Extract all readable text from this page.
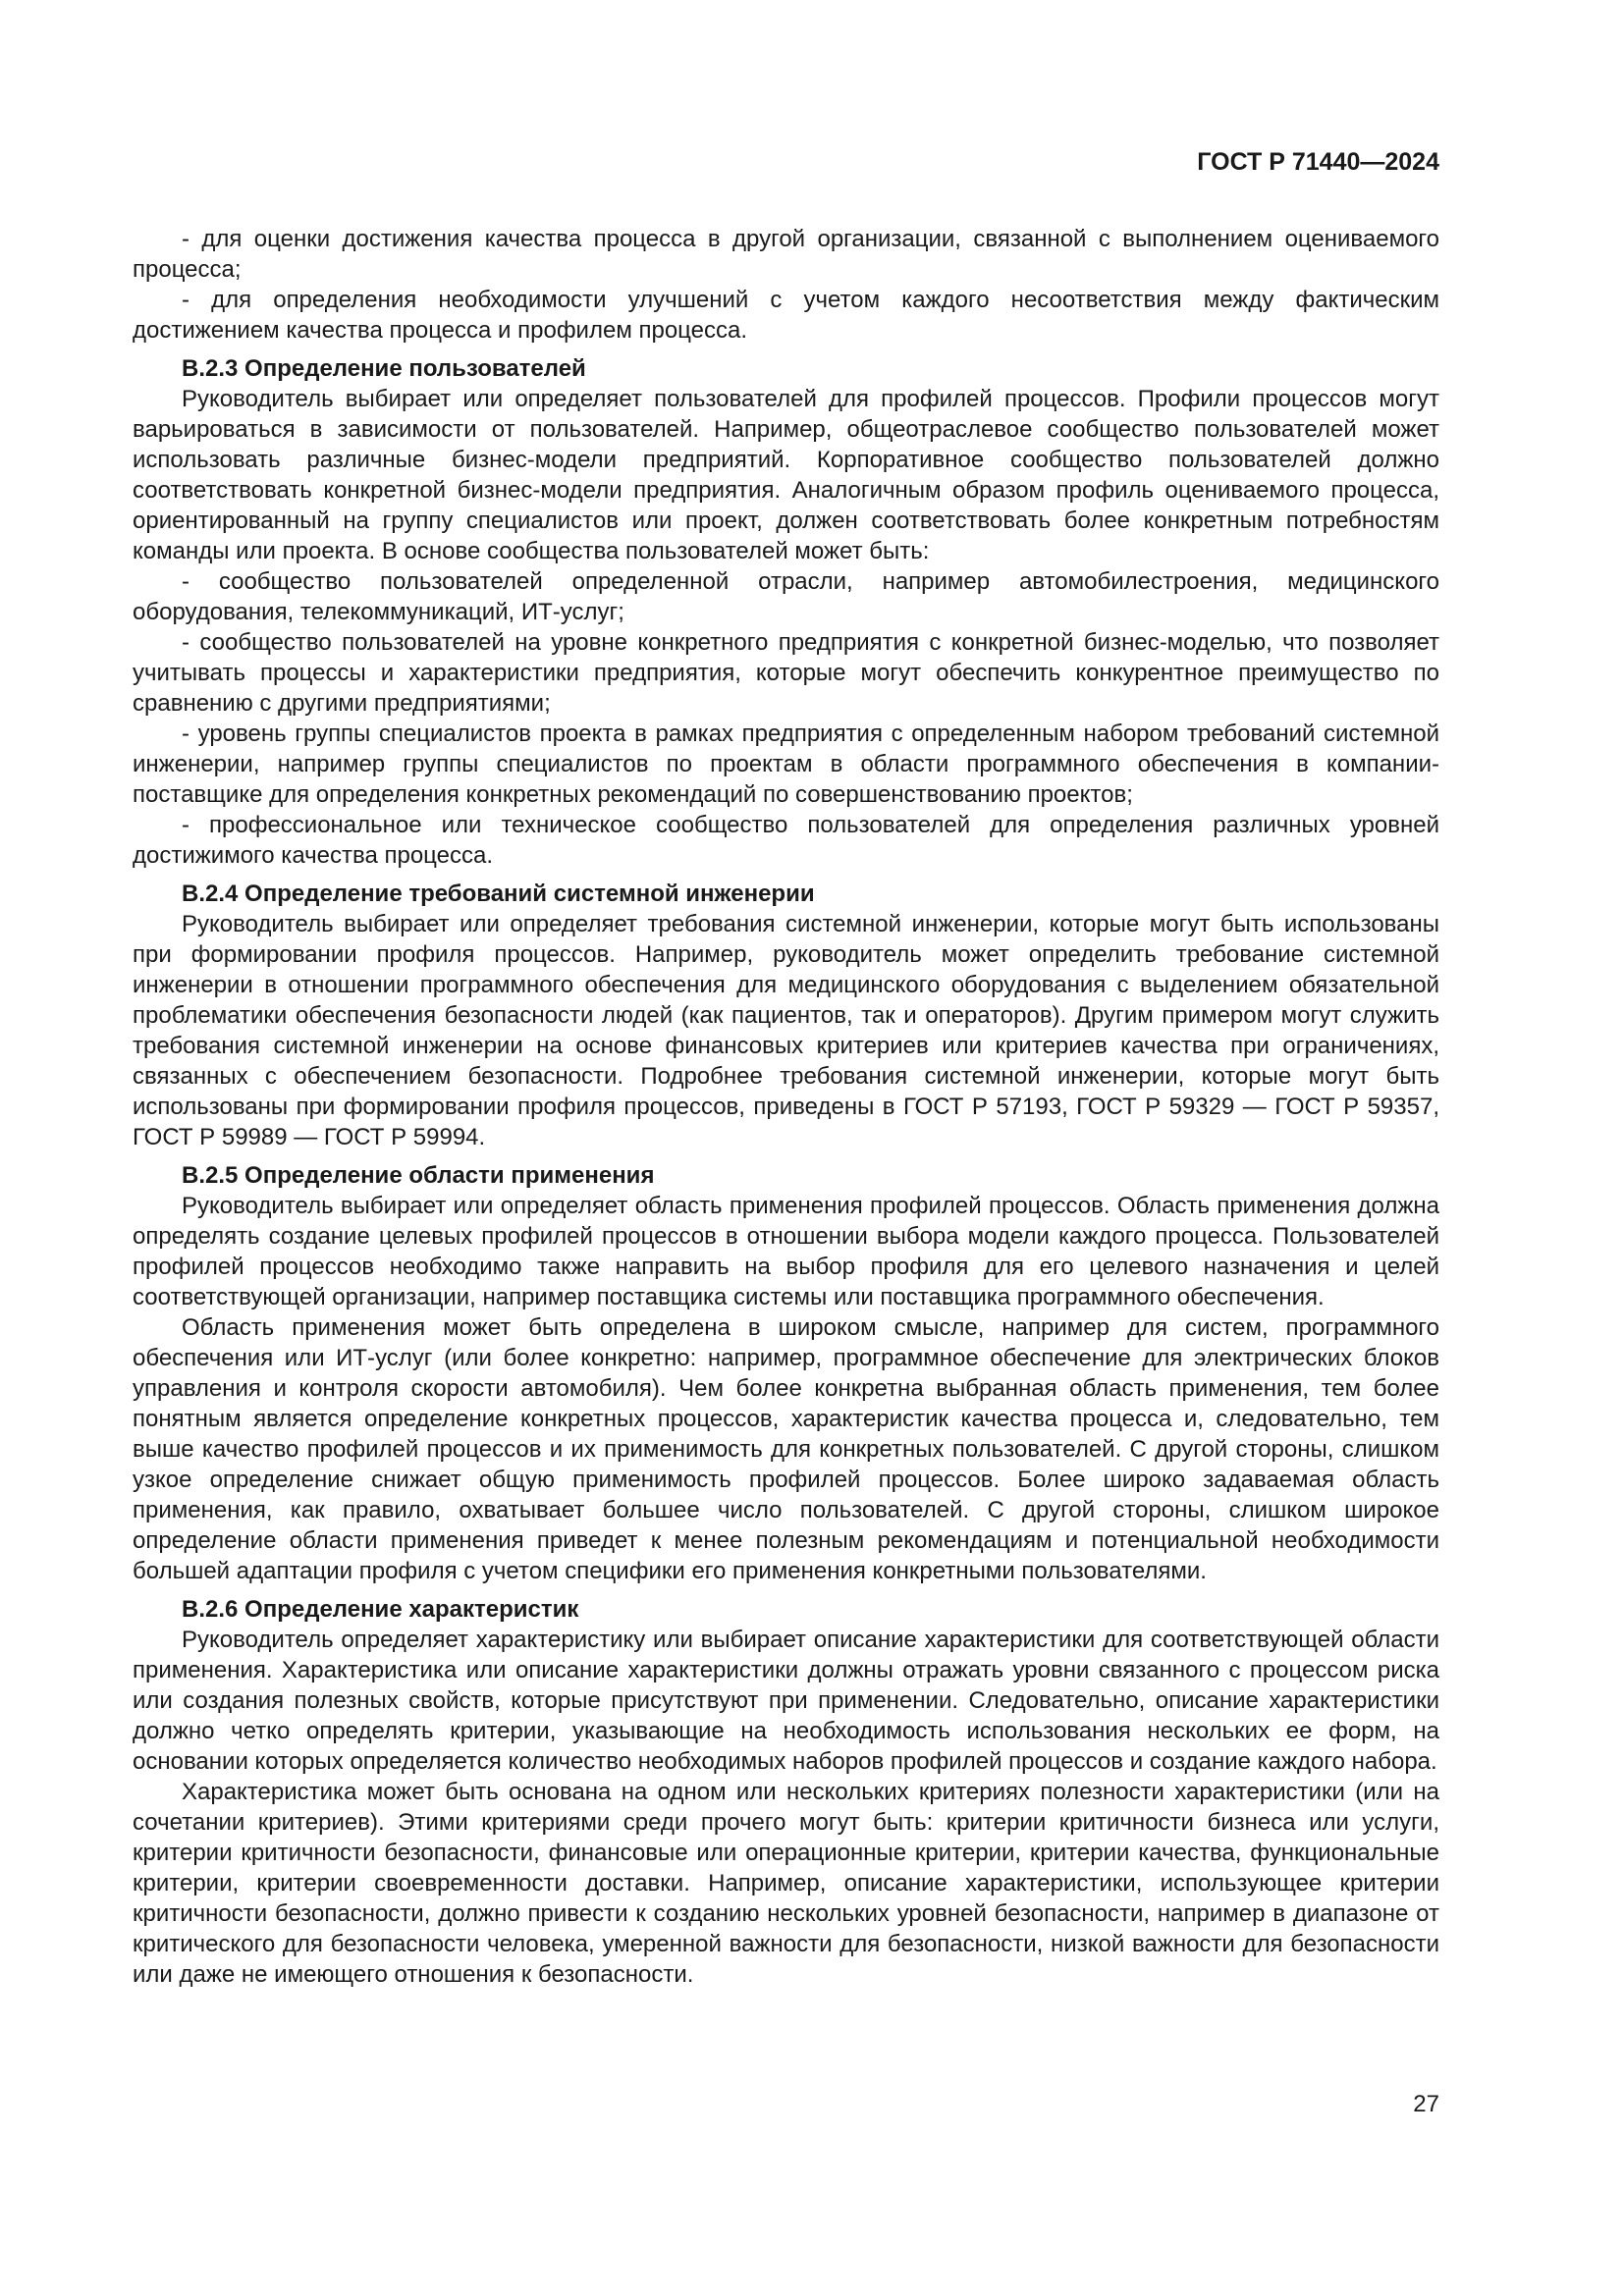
ГОСТ Р 71440—2024

- для оценки достижения качества процесса в другой организации, связанной с выполнением оцениваемого процесса;

- для определения необходимости улучшений с учетом каждого несоответствия между фактическим достижением качества процесса и профилем процесса.

В.2.3 Определение пользователей

Руководитель выбирает или определяет пользователей для профилей процессов. Профили процессов могут варьироваться в зависимости от пользователей. Например, общеотраслевое сообщество пользователей может использовать различные бизнес-модели предприятий. Корпоративное сообщество пользователей должно соответствовать конкретной бизнес-модели предприятия. Аналогичным образом профиль оцениваемого процесса, ориентированный на группу специалистов или проект, должен соответствовать более конкретным потребностям команды или проекта. В основе сообщества пользователей может быть:

- сообщество пользователей определенной отрасли, например автомобилестроения, медицинского оборудования, телекоммуникаций, ИТ-услуг;

- сообщество пользователей на уровне конкретного предприятия с конкретной бизнес-моделью, что позволяет учитывать процессы и характеристики предприятия, которые могут обеспечить конкурентное преимущество по сравнению с другими предприятиями;

- уровень группы специалистов проекта в рамках предприятия с определенным набором требований системной инженерии, например группы специалистов по проектам в области программного обеспечения в компании-поставщике для определения конкретных рекомендаций по совершенствованию проектов;

- профессиональное или техническое сообщество пользователей для определения различных уровней достижимого качества процесса.

В.2.4 Определение требований системной инженерии

Руководитель выбирает или определяет требования системной инженерии, которые могут быть использованы при формировании профиля процессов. Например, руководитель может определить требование системной инженерии в отношении программного обеспечения для медицинского оборудования с выделением обязательной проблематики обеспечения безопасности людей (как пациентов, так и операторов). Другим примером могут служить требования системной инженерии на основе финансовых критериев или критериев качества при ограничениях, связанных с обеспечением безопасности. Подробнее требования системной инженерии, которые могут быть использованы при формировании профиля процессов, приведены в ГОСТ Р 57193, ГОСТ Р 59329 — ГОСТ Р 59357, ГОСТ Р 59989 — ГОСТ Р 59994.

В.2.5 Определение области применения

Руководитель выбирает или определяет область применения профилей процессов. Область применения должна определять создание целевых профилей процессов в отношении выбора модели каждого процесса. Пользователей профилей процессов необходимо также направить на выбор профиля для его целевого назначения и целей соответствующей организации, например поставщика системы или поставщика программного обеспечения.

Область применения может быть определена в широком смысле, например для систем, программного обеспечения или ИТ-услуг (или более конкретно: например, программное обеспечение для электрических блоков управления и контроля скорости автомобиля). Чем более конкретна выбранная область применения, тем более понятным является определение конкретных процессов, характеристик качества процесса и, следовательно, тем выше качество профилей процессов и их применимость для конкретных пользователей. С другой стороны, слишком узкое определение снижает общую применимость профилей процессов. Более широко задаваемая область применения, как правило, охватывает большее число пользователей. С другой стороны, слишком широкое определение области применения приведет к менее полезным рекомендациям и потенциальной необходимости большей адаптации профиля с учетом специфики его применения конкретными пользователями.

В.2.6 Определение характеристик

Руководитель определяет характеристику или выбирает описание характеристики для соответствующей области применения. Характеристика или описание характеристики должны отражать уровни связанного с процессом риска или создания полезных свойств, которые присутствуют при применении. Следовательно, описание характеристики должно четко определять критерии, указывающие на необходимость использования нескольких ее форм, на основании которых определяется количество необходимых наборов профилей процессов и создание каждого набора.

Характеристика может быть основана на одном или нескольких критериях полезности характеристики (или на сочетании критериев). Этими критериями среди прочего могут быть: критерии критичности бизнеса или услуги, критерии критичности безопасности, финансовые или операционные критерии, критерии качества, функциональные критерии, критерии своевременности доставки. Например, описание характеристики, использующее критерии критичности безопасности, должно привести к созданию нескольких уровней безопасности, например в диапазоне от критического для безопасности человека, умеренной важности для безопасности, низкой важности для безопасности или даже не имеющего отношения к безопасности.

27
